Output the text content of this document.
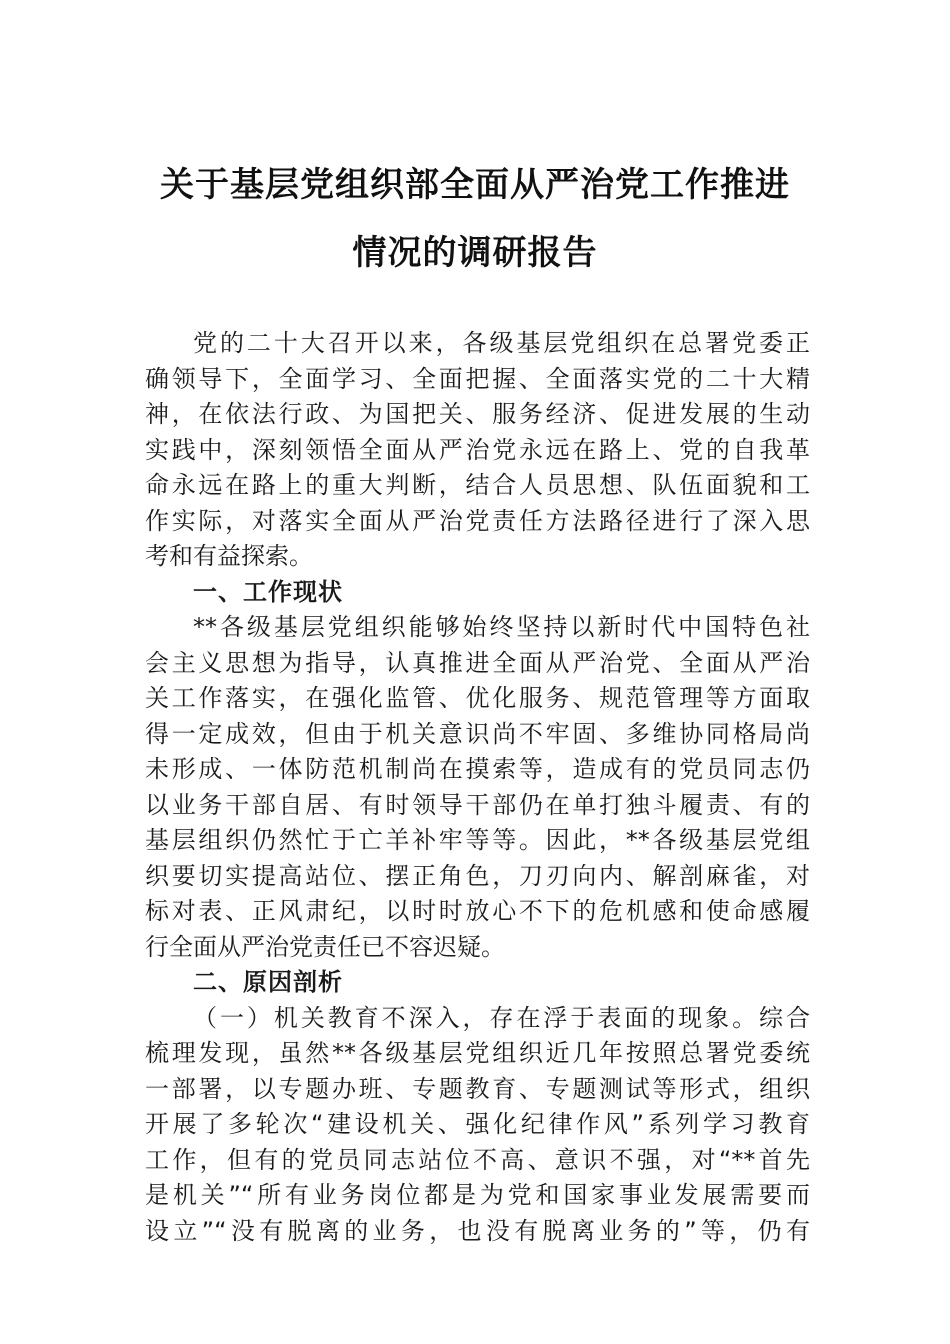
关于基层党组织部全面从严治党工作推进
情况的调研报告
党的二十大召开以来，各级基层党组织在总署党委正
确领导下，全面学习、全面把握、全面落实党的二十大精
神，在依法行政、为国把关、服务经济、促进发展的生动
实践中，深刻领悟全面从严治党永远在路上、党的自我革
命永远在路上的重大判断，结合人员思想、队伍面貌和工
作实际，对落实全面从严治党责任方法路径进行了深入思
考和有益探索。
一、工作现状
**各级基层党组织能够始终坚持以新时代中国特色社
会主义思想为指导，认真推进全面从严治党、全面从严治
关工作落实，在强化监管、优化服务、规范管理等方面取
得一定成效，但由于机关意识尚不牢固、多维协同格局尚
未形成、一体防范机制尚在摸索等，造成有的党员同志仍
以业务干部自居、有时领导干部仍在单打独斗履责、有的
基层组织仍然忙于亡羊补牢等等。因此，**各级基层党组
织要切实提高站位、摆正角色，刀刃向内、解剖麻雀，对
标对表、正风肃纪，以时时放心不下的危机感和使命感履
行全面从严治党责任已不容迟疑。
二、原因剖析
（一）机关教育不深入，存在浮于表面的现象。综合
梳理发现，虽然**各级基层党组织近几年按照总署党委统
一部署，以专题办班、专题教育、专题测试等形式，组织
开展了多轮次“建设机关、强化纪律作风”系列学习教育
工作，但有的党员同志站位不高、意识不强，对“**首先
是机关”“所有业务岗位都是为党和国家事业发展需要而
设立”“没有脱离的业务，也没有脱离业务的”等，仍有
